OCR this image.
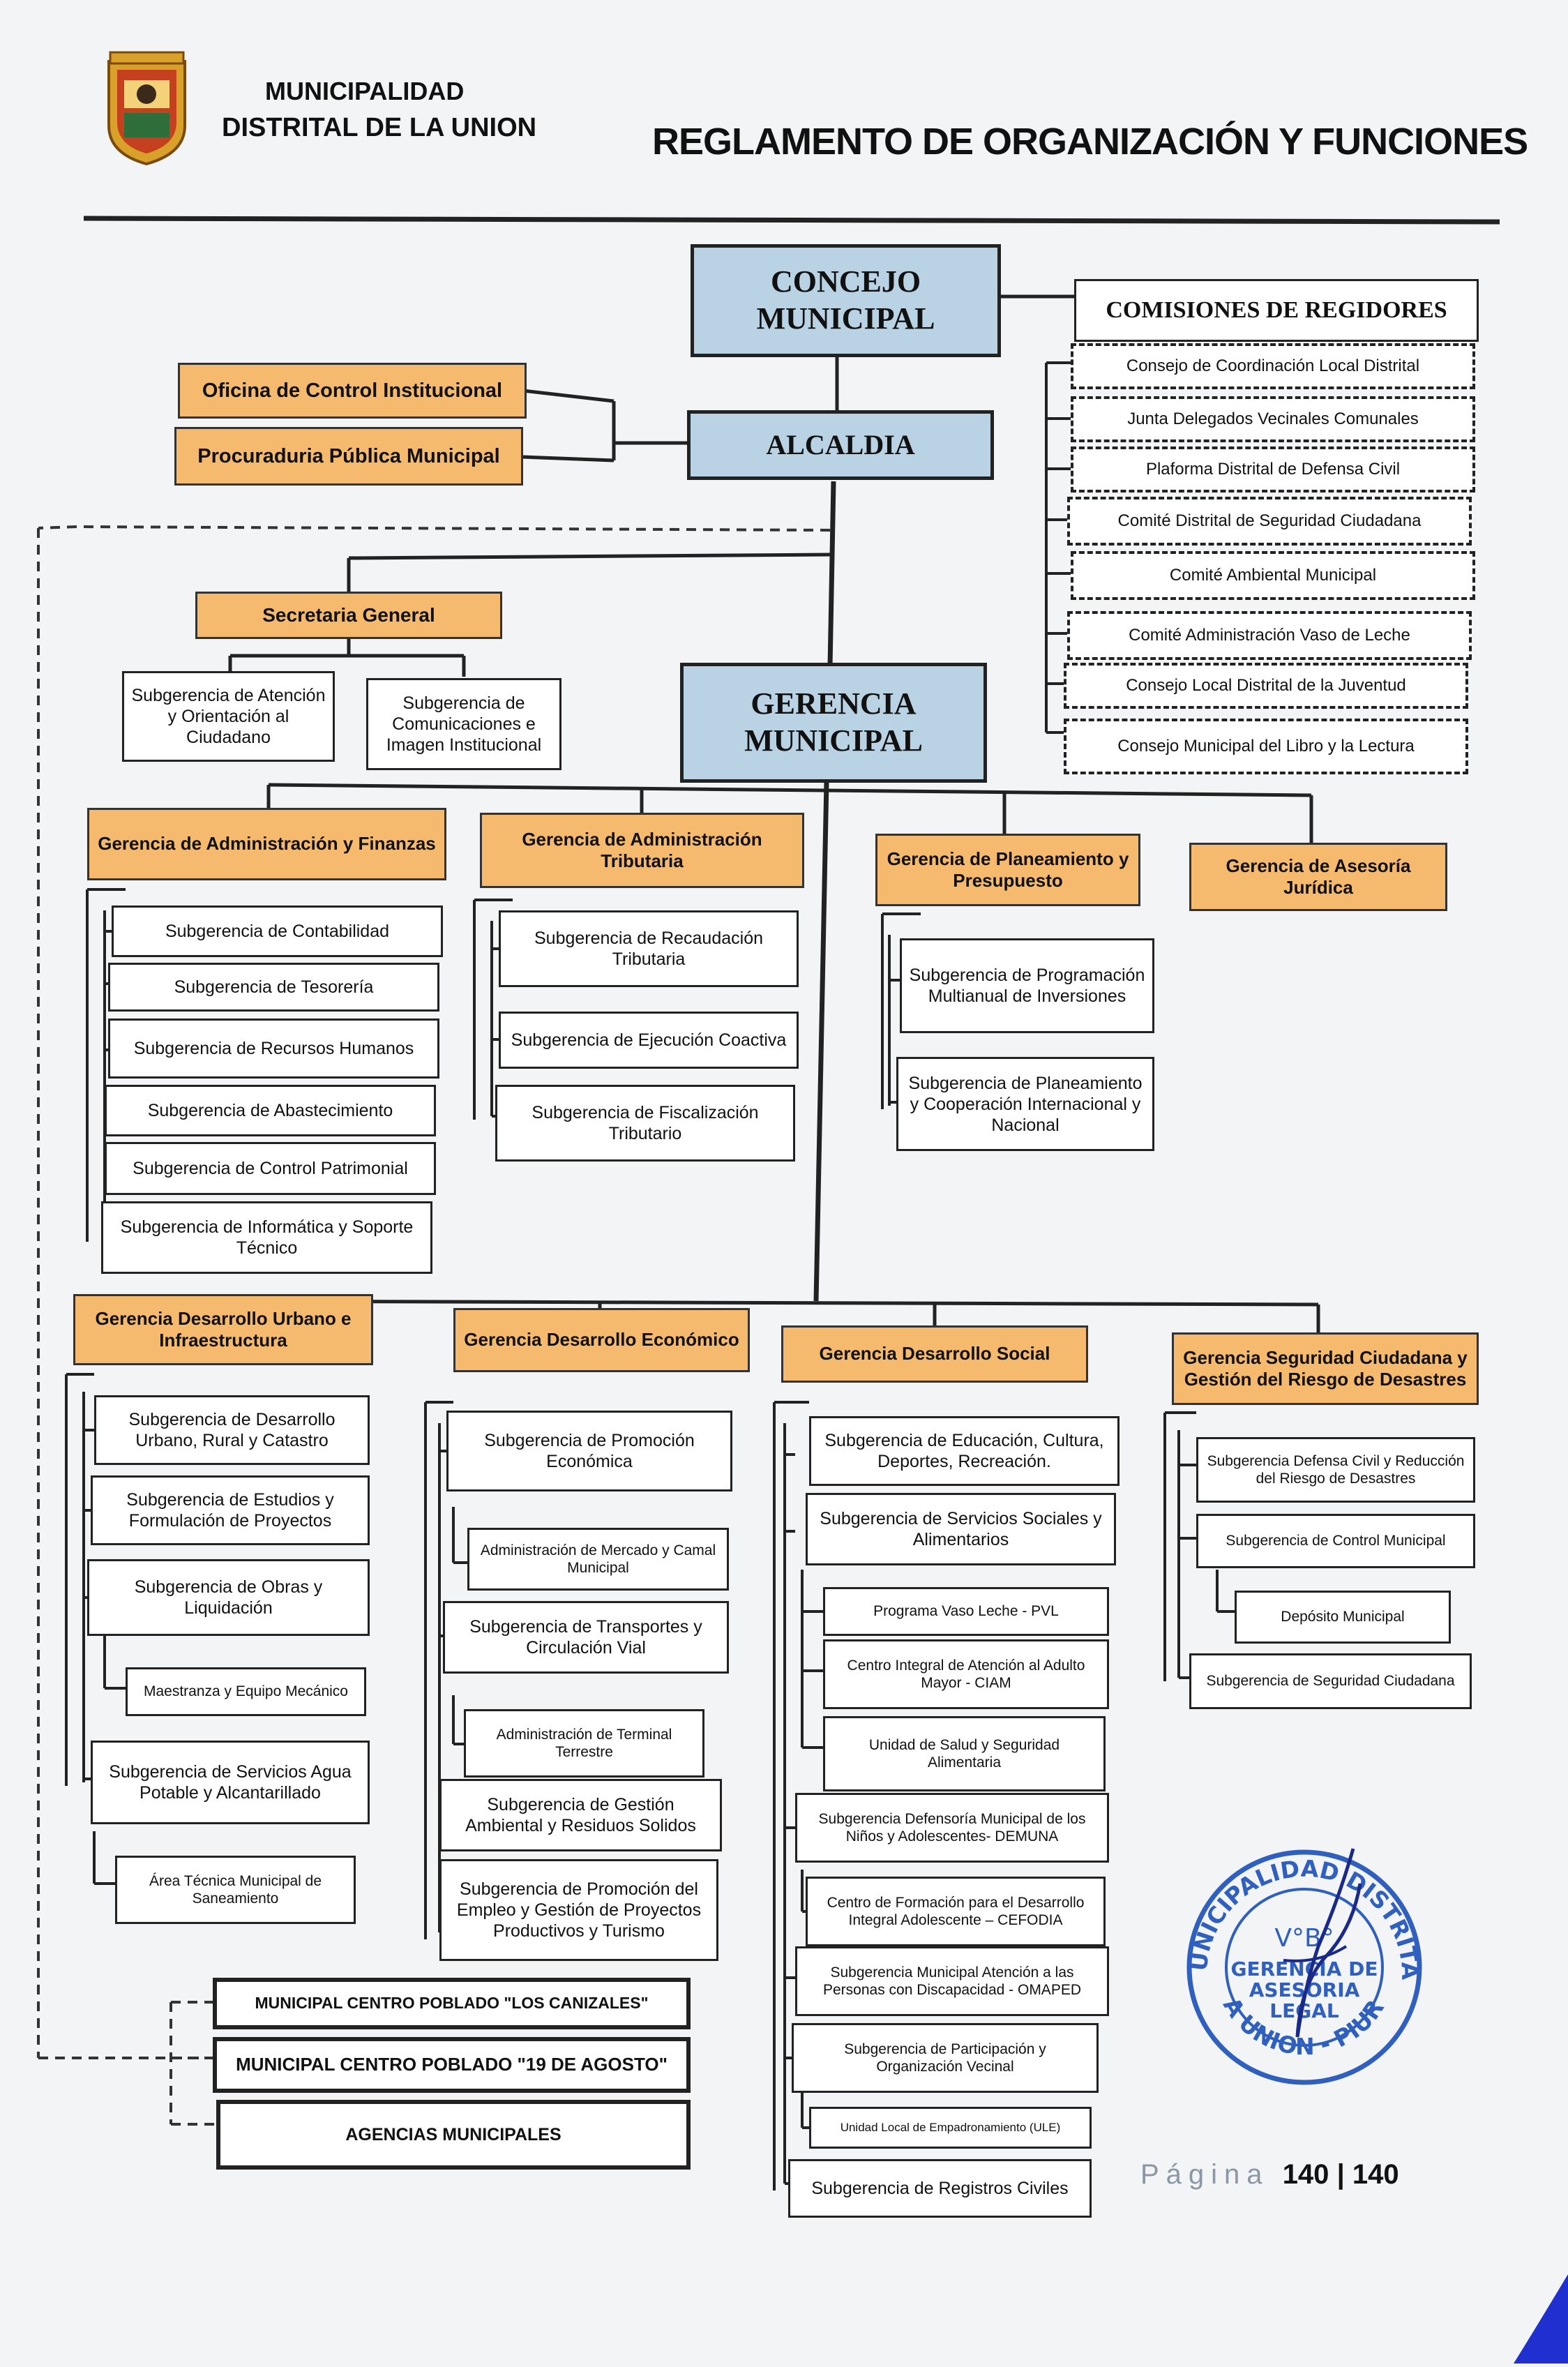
MUNICIPALIDAD
DISTRITAL DE LA UNION	REGLAMENTO DE ORGANIZACIÓN Y FUNCIONES
CONCEJO MUNICIPAL	COMISIONES DE REGIDORES
Consejo de Coordinación Local Distrital
Junta Delegados Vecinales Comunales
Plaforma Distrital de Defensa Civil
Comité Distrital de Seguridad Ciudadana
Comité Ambiental Municipal
Comité Administración Vaso de Leche
Consejo Local Distrital de la Juventud
Consejo Municipal del Libro y la Lectura
Oficina de Control Institucional
Procuraduria Pública Municipal	ALCALDIA
Secretaria General
Subgerencia de Atención y Orientación al Ciudadano
Subgerencia de Comunicaciones e Imagen Institucional
GERENCIA MUNICIPAL
Gerencia de Administración y Finanzas
Subgerencia de Contabilidad
Subgerencia de Tesorería
Subgerencia de Recursos Humanos
Subgerencia de Abastecimiento
Subgerencia de Control Patrimonial
Subgerencia de Informática y Soporte Técnico
Gerencia de Administración Tributaria
Subgerencia de Recaudación Tributaria
Subgerencia de Ejecución Coactiva
Subgerencia de Fiscalización Tributario
Gerencia de Planeamiento y Presupuesto
Subgerencia de Programación Multianual de Inversiones
Subgerencia de Planeamiento y Cooperación Internacional y Nacional
Gerencia de Asesoría Jurídica
Gerencia Desarrollo Urbano e Infraestructura
Subgerencia de Desarrollo Urbano, Rural y Catastro
Subgerencia de Estudios y Formulación de Proyectos
Subgerencia de Obras y Liquidación
Maestranza y Equipo Mecánico
Subgerencia de Servicios Agua Potable y Alcantarillado
Área Técnica Municipal de Saneamiento
Gerencia Desarrollo Económico
Subgerencia de Promoción Económica
Administración de Mercado y Camal Municipal
Subgerencia de Transportes y Circulación Vial
Administración de Terminal Terrestre
Subgerencia de Gestión Ambiental y Residuos Solidos
Subgerencia de Promoción del Empleo y Gestión de Proyectos Productivos y Turismo
Gerencia Desarrollo Social
Subgerencia de Educación, Cultura, Deportes, Recreación.
Subgerencia de Servicios Sociales y Alimentarios
Programa Vaso Leche - PVL
Centro Integral de Atención al Adulto Mayor - CIAM
Unidad de Salud y Seguridad Alimentaria
Subgerencia Defensoría Municipal de los Niños y Adolescentes- DEMUNA
Centro de Formación para el Desarrollo Integral Adolescente – CEFODIA
Subgerencia Municipal Atención a las Personas con Discapacidad - OMAPED
Subgerencia de Participación y Organización Vecinal
Unidad Local de Empadronamiento (ULE)
Subgerencia de Registros Civiles
Gerencia Seguridad Ciudadana y Gestión del Riesgo de Desastres
Subgerencia Defensa Civil y Reducción del Riesgo de Desastres
Subgerencia de Control Municipal
Depósito Municipal
Subgerencia de Seguridad Ciudadana
MUNICIPAL CENTRO POBLADO "LOS CANIZALES"
MUNICIPAL CENTRO POBLADO "19 DE AGOSTO"
AGENCIAS MUNICIPALES
UNICIPALIDAD DISTRITA
A UNION - PIUR
V°B°
GERENCIA DE
ASESORIA
LEGAL
Página 140 | 140
